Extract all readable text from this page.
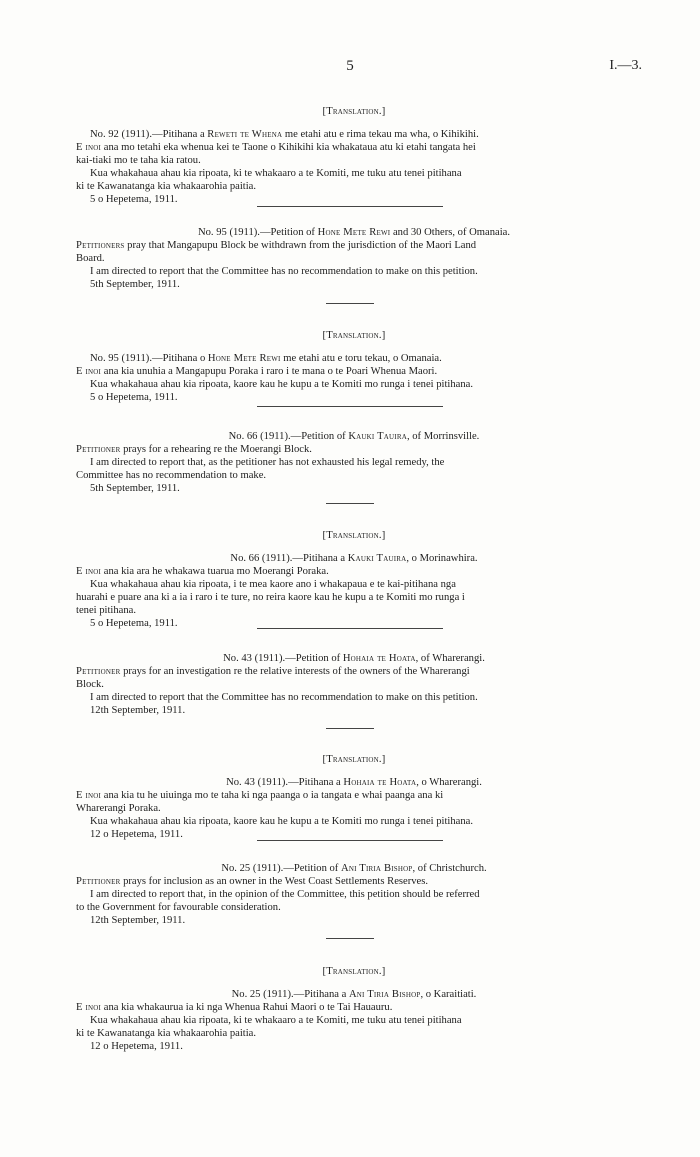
5	I.—3.

[Translation.]

No. 92 (1911).—Pitihana a Reweti te Whena me etahi atu e rima tekau ma wha, o Kihikihi.

E inoi ana mo tetahi eka whenua kei te Taone o Kihikihi kia whakataua atu ki etahi tangata hei

kai-tiaki mo te taha kia ratou.

Kua whakahaua ahau kia ripoata, ki te whakaaro a te Komiti, me tuku atu tenei pitihana

ki te Kawanatanga kia whakaarohia paitia.

5 o Hepetema, 1911.

No. 95 (1911).—Petition of Hone Mete Rewi and 30 Others, of Omanaia.

Petitioners pray that Mangapupu Block be withdrawn from the jurisdiction of the Maori Land

Board.

I am directed to report that the Committee has no recommendation to make on this petition.

5th September, 1911.

[Translation.]

No. 95 (1911).—Pitihana o Hone Mete Rewi me etahi atu e toru tekau, o Omanaia.

E inoi ana kia unuhia a Mangapupu Poraka i raro i te mana o te Poari Whenua Maori.

Kua whakahaua ahau kia ripoata, kaore kau he kupu a te Komiti mo runga i tenei pitihana.

5 o Hepetema, 1911.

No. 66 (1911).—Petition of Kauki Tauira, of Morrinsville.

Petitioner prays for a rehearing re the Moerangi Block.

I am directed to report that, as the petitioner has not exhausted his legal remedy, the

Committee has no recommendation to make.

5th September, 1911.

[Translation.]

No. 66 (1911).—Pitihana a Kauki Tauira, o Morinawhira.

E inoi ana kia ara he whakawa tuarua mo Moerangi Poraka.

Kua whakahaua ahau kia ripoata, i te mea kaore ano i whakapaua e te kai-pitihana nga

huarahi e puare ana ki a ia i raro i te ture, no reira kaore kau he kupu a te Komiti mo runga i

tenei pitihana.

5 o Hepetema, 1911.

No. 43 (1911).—Petition of Hohaia te Hoata, of Wharerangi.

Petitioner prays for an investigation re the relative interests of the owners of the Wharerangi

Block.

I am directed to report that the Committee has no recommendation to make on this petition.

12th September, 1911.

[Translation.]

No. 43 (1911).—Pitihana a Hohaia te Hoata, o Wharerangi.

E inoi ana kia tu he uiuinga mo te taha ki nga paanga o ia tangata e whai paanga ana ki

Wharerangi Poraka.

Kua whakahaua ahau kia ripoata, kaore kau he kupu a te Komiti mo runga i tenei pitihana.

12 o Hepetema, 1911.

No. 25 (1911).—Petition of Ani Tiria Bishop, of Christchurch.

Petitioner prays for inclusion as an owner in the West Coast Settlements Reserves.

I am directed to report that, in the opinion of the Committee, this petition should be referred

to the Government for favourable consideration.

12th September, 1911.

[Translation.]

No. 25 (1911).—Pitihana a Ani Tiria Bishop, o Karaitiati.

E inoi ana kia whakaurua ia ki nga Whenua Rahui Maori o te Tai Hauauru.

Kua whakahaua ahau kia ripoata, ki te whakaaro a te Komiti, me tuku atu tenei pitihana

ki te Kawanatanga kia whakaarohia paitia.

12 o Hepetema, 1911.
